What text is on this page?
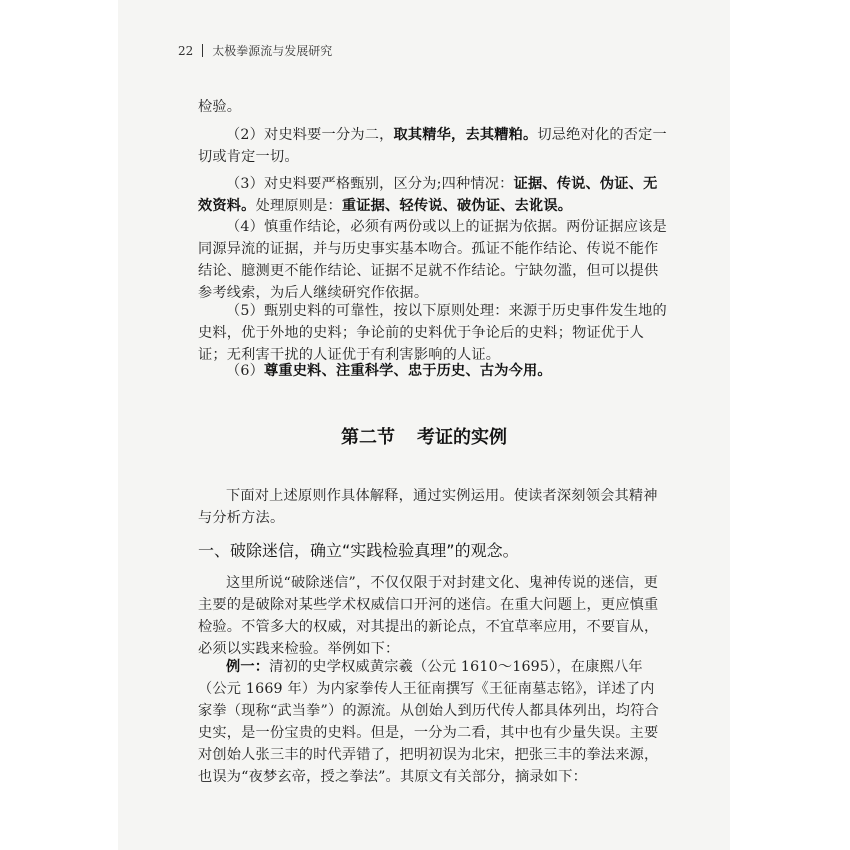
22 太极拳源流与发展研究
检验。
（2）对史料要一分为二，取其精华，去其糟粕。切忌绝对化的否定一切或肯定一切。
（3）对史料要严格甄别，区分为;四种情况：证据、传说、伪证、无效资料。处理原则是：重证据、轻传说、破伪证、去讹误。
（4）慎重作结论，必须有两份或以上的证据为依据。两份证据应该是同源异流的证据，并与历史事实基本吻合。孤证不能作结论、传说不能作结论、臆测更不能作结论、证据不足就不作结论。宁缺勿滥，但可以提供参考线索，为后人继续研究作依据。
（5）甄别史料的可靠性，按以下原则处理：来源于历史事件发生地的史料，优于外地的史料；争论前的史料优于争论后的史料；物证优于人证；无利害干扰的人证优于有利害影响的人证。
（6）尊重史料、注重科学、忠于历史、古为今用。
第二节 考证的实例
下面对上述原则作具体解释，通过实例运用。使读者深刻领会其精神与分析方法。
一、破除迷信，确立“实践检验真理”的观念。
这里所说“破除迷信”，不仅仅限于对封建文化、鬼神传说的迷信，更主要的是破除对某些学术权威信口开河的迷信。在重大问题上，更应慎重检验。不管多大的权威，对其提出的新论点，不宜草率应用，不要盲从，必须以实践来检验。举例如下：
例一：清初的史学权威黄宗羲（公元 1610～1695），在康熙八年（公元 1669 年）为内家拳传人王征南撰写《王征南墓志铭》，详述了内家拳（现称“武当拳”）的源流。从创始人到历代传人都具体列出，均符合史实，是一份宝贵的史料。但是，一分为二看，其中也有少量失误。主要对创始人张三丰的时代弄错了，把明初误为北宋，把张三丰的拳法来源，也误为“夜梦玄帝，授之拳法”。其原文有关部分，摘录如下：
